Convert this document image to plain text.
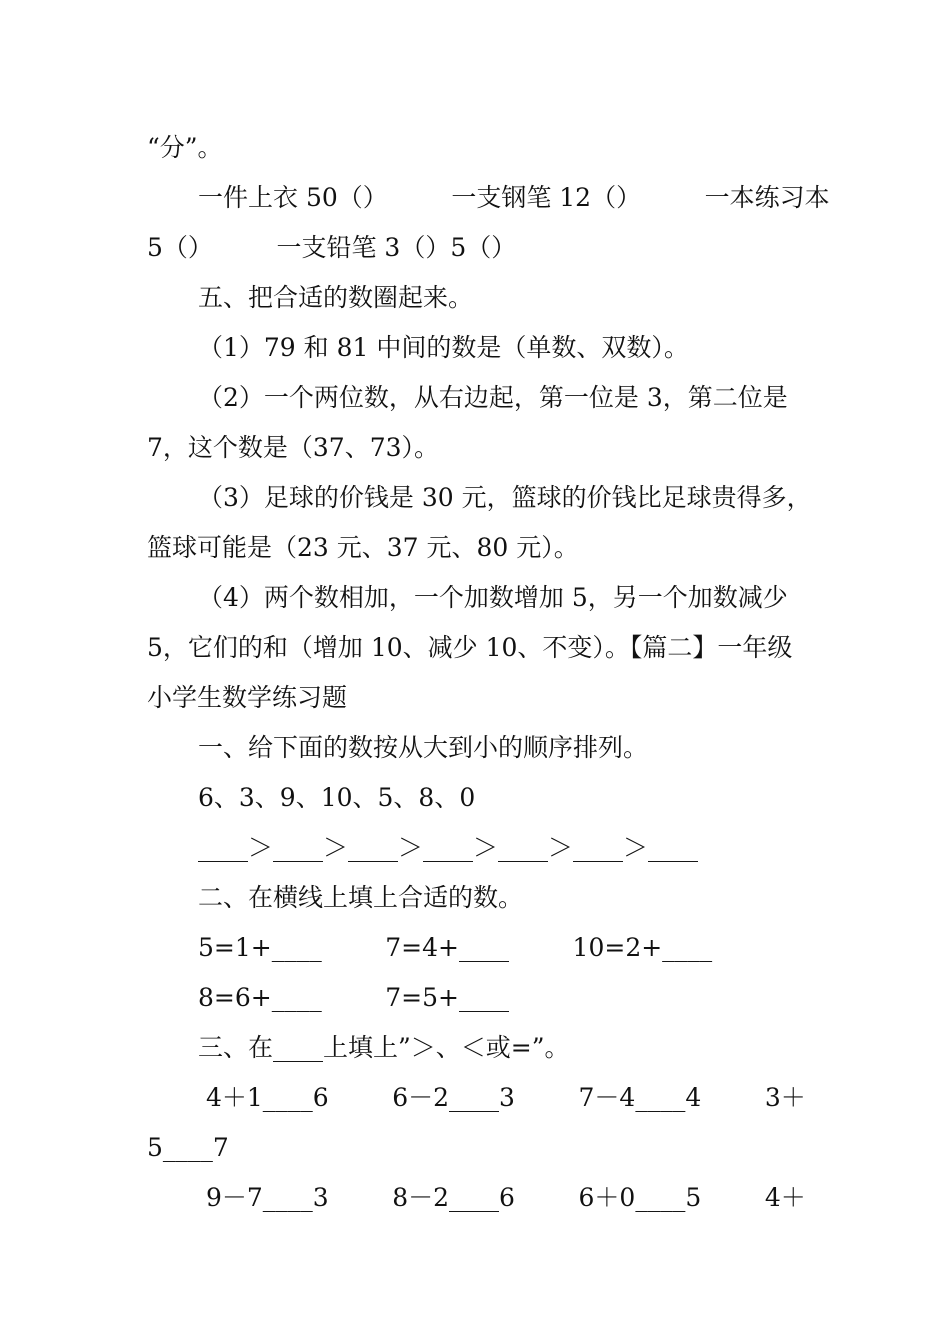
“分”。
一件上衣 50（）        一支钢笔 12（）        一本练习本
5（）        一支铅笔 3（）5（）
五、把合适的数圈起来。
（1）79 和 81 中间的数是（单数、双数）。
（2）一个两位数，从右边起，第一位是 3，第二位是
7，这个数是（37、73）。
（3）足球的价钱是 30 元，篮球的价钱比足球贵得多，
篮球可能是（23 元、37 元、80 元）。
（4）两个数相加，一个加数增加 5，另一个加数减少
5，它们的和（增加 10、减少 10、不变）。【篇二】一年级
小学生数学练习题
一、给下面的数按从大到小的顺序排列。
6、3、9、10、5、8、0
____＞____＞____＞____＞____＞____＞____
二、在横线上填上合适的数。
5=1+____        7=4+____        10=2+____
8=6+____        7=5+____
三、在____上填上”＞、＜或=”。
4＋1____6        6－2____3        7－4____4        3＋
5____7
9－7____3        8－2____6        6＋0____5        4＋
